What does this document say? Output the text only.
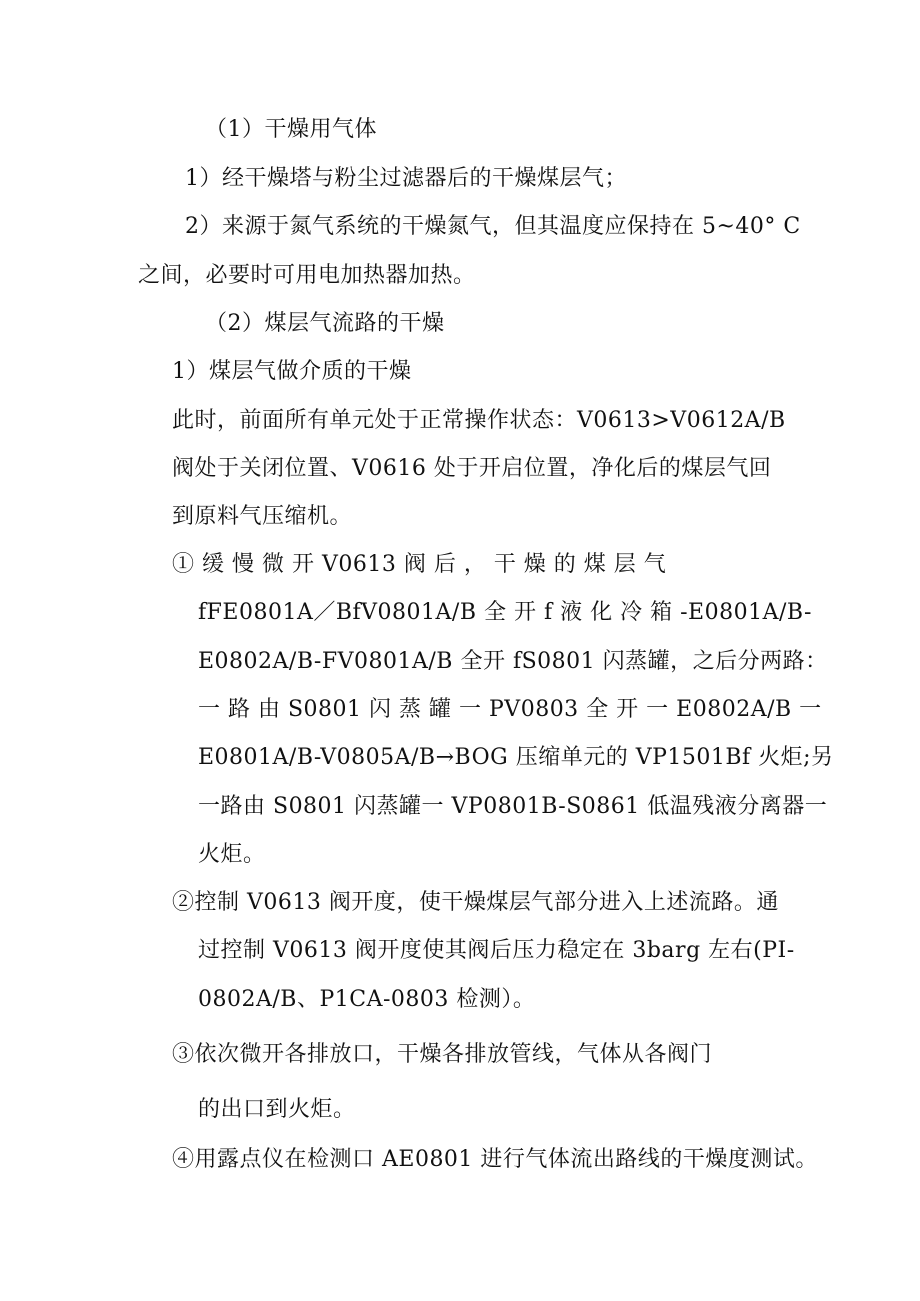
（1）干燥用气体
1）经干燥塔与粉尘过滤器后的干燥煤层气；
2）来源于氮气系统的干燥氮气，但其温度应保持在 5~40° C
之间，必要时可用电加热器加热。
（2）煤层气流路的干燥
1）煤层气做介质的干燥
此时，前面所有单元处于正常操作状态：V0613>V0612A/B
阀处于关闭位置、V0616 处于开启位置，净化后的煤层气回
到原料气压缩机。
① 缓 慢 微 开 V0613 阀 后 ， 干 燥 的 煤 层 气
fFE0801A／BfV0801A/B 全 开 f 液 化 冷 箱 -E0801A/B-
E0802A/B-FV0801A/B 全开 fS0801 闪蒸罐，之后分两路：
一 路 由 S0801 闪 蒸 罐 一 PV0803 全 开 一 E0802A/B 一
E0801A/B-V0805A/B→BOG 压缩单元的 VP1501Bf 火炬;另
一路由 S0801 闪蒸罐一 VP0801B-S0861 低温残液分离器一
火炬。
②控制 V0613 阀开度，使干燥煤层气部分进入上述流路。通
过控制 V0613 阀开度使其阀后压力稳定在 3barg 左右(PI-
0802A/B、P1CA-0803 检测）。
③依次微开各排放口，干燥各排放管线，气体从各阀门
的出口到火炬。
④用露点仪在检测口 AE0801 进行气体流出路线的干燥度测试。
